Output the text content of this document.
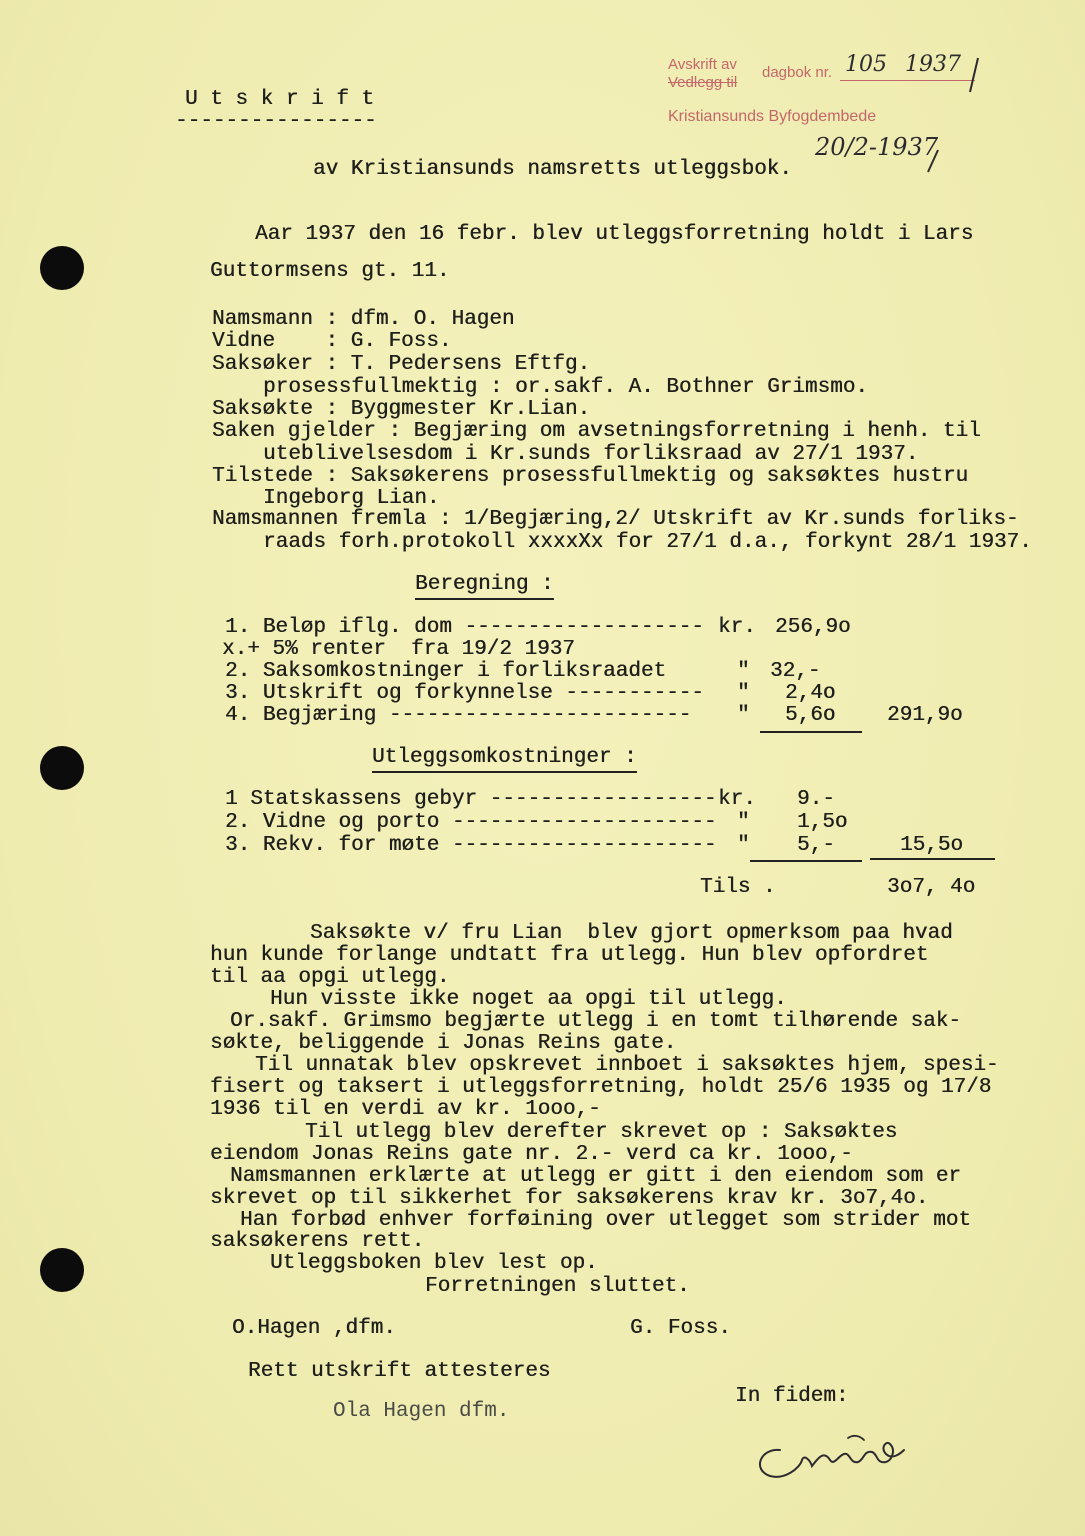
Avskrift av
Vedlegg til
dagbok nr. 105 1937
Kristiansunds Byfogdembede
20/2-1937
U t s k r i f t
----------------
av Kristiansunds namsretts utleggsbok.
Aar 1937 den 16 febr. blev utleggsforretning holdt i Lars
Guttormsens gt. 11.
Namsmann : dfm. O. Hagen
Vidne    : G. Foss.
Saksøker : T. Pedersens Eftfg.
prosessfullmektig : or.sakf. A. Bothner Grimsmo.
Saksøkte : Byggmester Kr.Lian.
Saken gjelder : Begjæring om avsetningsforretning i henh. til
uteblivelsesdom i Kr.sunds forliksraad av 27/1 1937.
Tilstede : Saksøkerens prosessfullmektig og saksøktes hustru
Ingeborg Lian.
Namsmannen fremla : 1/Begjæring,2/ Utskrift av Kr.sunds forliks-
raads forh.protokoll xxxxXx for 27/1 d.a., forkynt 28/1 1937.
Beregning :
1. Beløp iflg. dom ------------------- kr. 256,9o
x.+ 5% renter  fra 19/2 1937
2. Saksomkostninger i forliksraadet	" 32,-
3. Utskrift og forkynnelse ----------- " 2,4o
4. Begjæring ------------------------ " 5,6o 291,9o
Utleggsomkostninger :
1 Statskassens gebyr ------------------ kr. 9.-
2. Vidne og porto --------------------- " 1,5o
3. Rekv. for møte --------------------- " 5,-	15,5o
Tils .	3o7, 4o
Saksøkte v/ fru Lian  blev gjort opmerksom paa hvad
hun kunde forlange undtatt fra utlegg. Hun blev opfordret
til aa opgi utlegg.
Hun visste ikke noget aa opgi til utlegg.
Or.sakf. Grimsmo begjærte utlegg i en tomt tilhørende sak-
søkte, beliggende i Jonas Reins gate.
Til unnatak blev opskrevet innboet i saksøktes hjem, spesi-
fisert og taksert i utleggsforretning, holdt 25/6 1935 og 17/8
1936 til en verdi av kr. 1ooo,-
Til utlegg blev derefter skrevet op : Saksøktes
eiendom Jonas Reins gate nr. 2.- verd ca kr. 1ooo,-
Namsmannen erklærte at utlegg er gitt i den eiendom som er
skrevet op til sikkerhet for saksøkerens krav kr. 3o7,4o.
Han forbød enhver forføining over utlegget som strider mot
saksøkerens rett.
Utleggsboken blev lest op.
Forretningen sluttet.
O.Hagen ,dfm.	G. Foss.
Rett utskrift attesteres
Ola Hagen dfm.
In fidem:
